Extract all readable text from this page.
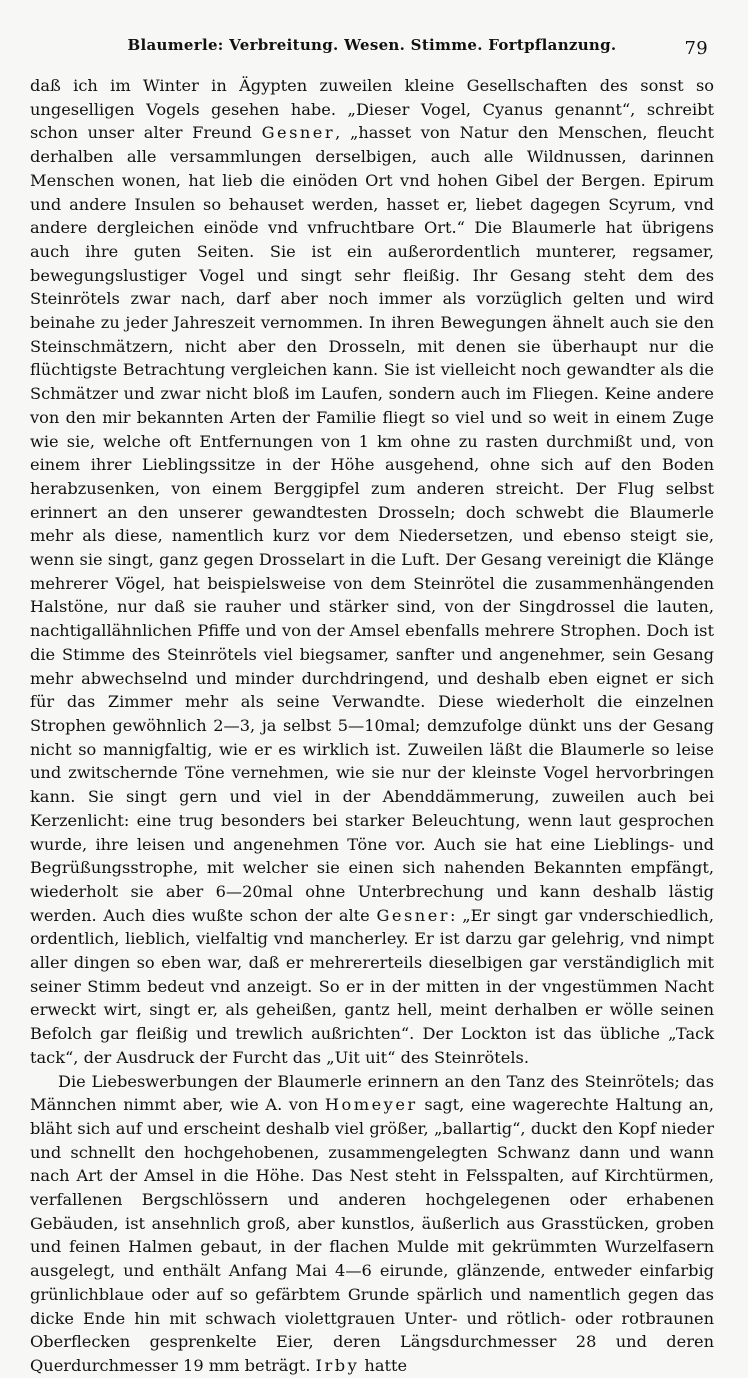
Blaumerle: Verbreitung. Wesen. Stimme. Fortpflanzung.	79

daß ich im Winter in Ägypten zuweilen kleine Gesellschaften des sonst so ungeselligen Vogels gesehen habe. „Dieser Vogel, Cyanus genannt“, schreibt schon unser alter Freund Gesner, „hasset von Natur den Menschen, fleucht derhalben alle versammlungen derselbigen, auch alle Wildnussen, darinnen Menschen wonen, hat lieb die einöden Ort vnd hohen Gibel der Bergen. Epirum und andere Insulen so behauset werden, hasset er, liebet dagegen Scyrum, vnd andere dergleichen einöde vnd vnfruchtbare Ort.“ Die Blaumerle hat übrigens auch ihre guten Seiten. Sie ist ein außerordentlich munterer, regsamer, bewegungslustiger Vogel und singt sehr fleißig. Ihr Gesang steht dem des Steinrötels zwar nach, darf aber noch immer als vorzüglich gelten und wird beinahe zu jeder Jahreszeit vernommen. In ihren Bewegungen ähnelt auch sie den Steinschmätzern, nicht aber den Drosseln, mit denen sie überhaupt nur die flüchtigste Betrachtung vergleichen kann. Sie ist vielleicht noch gewandter als die Schmätzer und zwar nicht bloß im Laufen, sondern auch im Fliegen. Keine andere von den mir bekannten Arten der Familie fliegt so viel und so weit in einem Zuge wie sie, welche oft Entfernungen von 1 km ohne zu rasten durchmißt und, von einem ihrer Lieblingssitze in der Höhe ausgehend, ohne sich auf den Boden herabzusenken, von einem Berggipfel zum anderen streicht. Der Flug selbst erinnert an den unserer gewandtesten Drosseln; doch schwebt die Blaumerle mehr als diese, namentlich kurz vor dem Niedersetzen, und ebenso steigt sie, wenn sie singt, ganz gegen Drosselart in die Luft. Der Gesang vereinigt die Klänge mehrerer Vögel, hat beispielsweise von dem Steinrötel die zusammenhängenden Halstöne, nur daß sie rauher und stärker sind, von der Singdrossel die lauten, nachtigallähnlichen Pfiffe und von der Amsel ebenfalls mehrere Strophen. Doch ist die Stimme des Steinrötels viel biegsamer, sanfter und angenehmer, sein Gesang mehr abwechselnd und minder durchdringend, und deshalb eben eignet er sich für das Zimmer mehr als seine Verwandte. Diese wiederholt die einzelnen Strophen gewöhnlich 2—3, ja selbst 5—10mal; demzufolge dünkt uns der Gesang nicht so mannigfaltig, wie er es wirklich ist. Zuweilen läßt die Blaumerle so leise und zwitschernde Töne vernehmen, wie sie nur der kleinste Vogel hervorbringen kann. Sie singt gern und viel in der Abenddämmerung, zuweilen auch bei Kerzenlicht: eine trug besonders bei starker Beleuchtung, wenn laut gesprochen wurde, ihre leisen und angenehmen Töne vor. Auch sie hat eine Lieblings- und Begrüßungsstrophe, mit welcher sie einen sich nahenden Bekannten empfängt, wiederholt sie aber 6—20mal ohne Unterbrechung und kann deshalb lästig werden. Auch dies wußte schon der alte Gesner: „Er singt gar vnderschiedlich, ordentlich, lieblich, vielfaltig vnd mancherley. Er ist darzu gar gelehrig, vnd nimpt aller dingen so eben war, daß er mehrererteils dieselbigen gar verständiglich mit seiner Stimm bedeut vnd anzeigt. So er in der mitten in der vngestümmen Nacht erweckt wirt, singt er, als geheißen, gantz hell, meint derhalben er wölle seinen Befolch gar fleißig und trewlich außrichten“. Der Lockton ist das übliche „Tack tack“, der Ausdruck der Furcht das „Uit uit“ des Steinrötels.

Die Liebeswerbungen der Blaumerle erinnern an den Tanz des Steinrötels; das Männchen nimmt aber, wie A. von Homeyer sagt, eine wagerechte Haltung an, bläht sich auf und erscheint deshalb viel größer, „ballartig“, duckt den Kopf nieder und schnellt den hochgehobenen, zusammengelegten Schwanz dann und wann nach Art der Amsel in die Höhe. Das Nest steht in Felsspalten, auf Kirchtürmen, verfallenen Bergschlössern und anderen hochgelegenen oder erhabenen Gebäuden, ist ansehnlich groß, aber kunstlos, äußerlich aus Grasstücken, groben und feinen Halmen gebaut, in der flachen Mulde mit gekrümmten Wurzelfasern ausgelegt, und enthält Anfang Mai 4—6 eirunde, glänzende, entweder einfarbig grünlichblaue oder auf so gefärbtem Grunde spärlich und namentlich gegen das dicke Ende hin mit schwach violettgrauen Unter- und rötlich- oder rotbraunen Oberflecken gesprenkelte Eier, deren Längsdurchmesser 28 und deren Querdurchmesser 19 mm beträgt. Irby hatte
